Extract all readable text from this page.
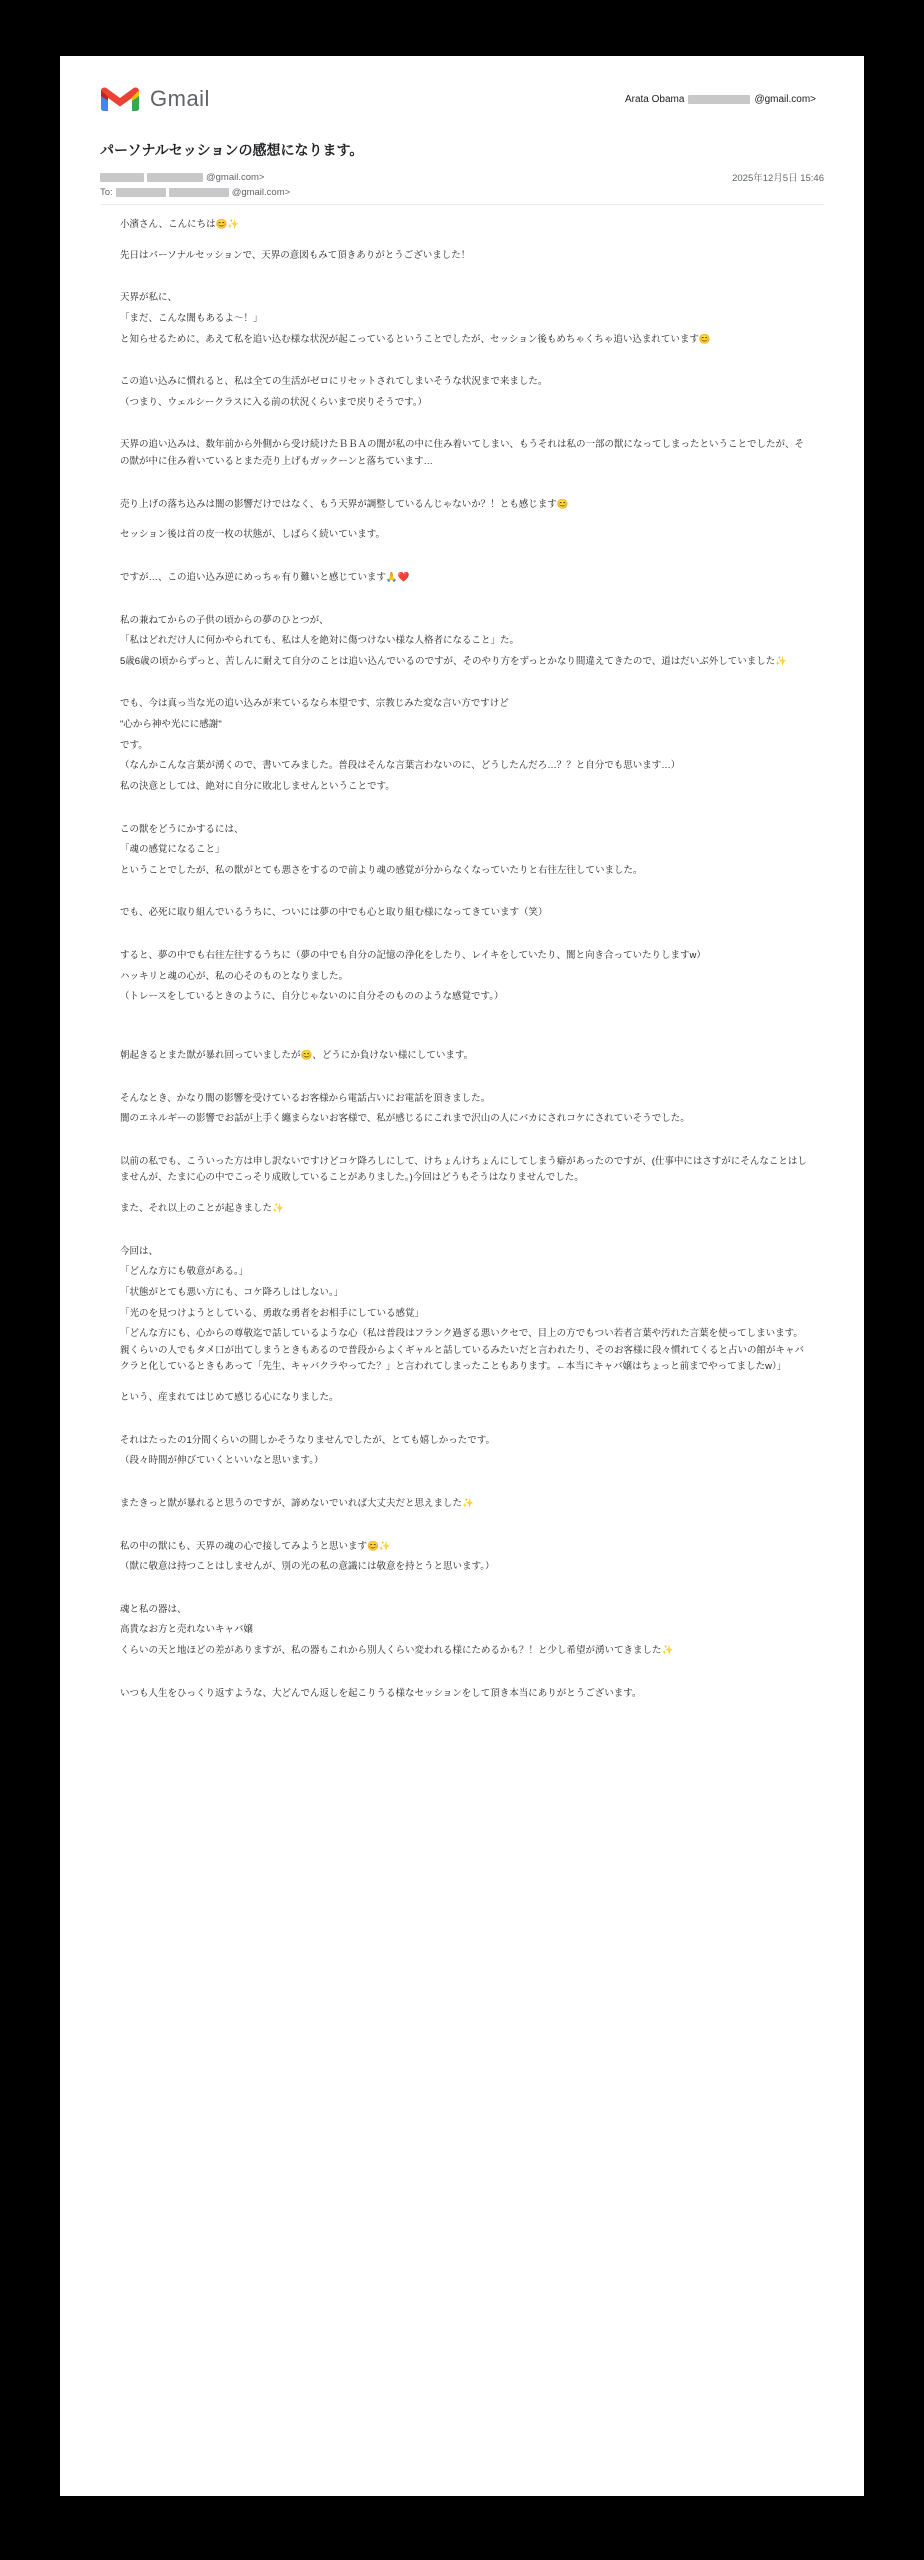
Gmail	Arata Obama	@gmail.com>
パーソナルセッションの感想になります。
@gmail.com>	2025年12月5日 15:46
To:	@gmail.com>

小濱さん、こんにちは😊✨

先日はパーソナルセッションで、天界の意図もみて頂きありがとうございました！

天界が私に、

「まだ、こんな闇もあるよ〜！」

と知らせるために、あえて私を追い込む様な状況が起こっているということでしたが、セッション後もめちゃくちゃ追い込まれています😊

この追い込みに慣れると、私は全ての生活がゼロにリセットされてしまいそうな状況まで来ました。

（つまり、ウェルシークラスに入る前の状況くらいまで戻りそうです。）

天界の追い込みは、数年前から外側から受け続けたＢＢＡの闇が私の中に住み着いてしまい、もうそれは私の一部の獣になってしまったということでしたが、その獣が中に住み着いているとまた売り上げもガックーンと落ちています…

売り上げの落ち込みは闇の影響だけではなく、もう天界が調整しているんじゃないか？！とも感じます😊

セッション後は首の皮一枚の状態が、しばらく続いています。

ですが…、この追い込み逆にめっちゃ有り難いと感じています🙏❤️

私の兼ねてからの子供の頃からの夢のひとつが、

「私はどれだけ人に何かやられても、私は人を絶対に傷つけない様な人格者になること」た。

5歳6歳の頃からずっと、苦しんに耐えて自分のことは追い込んでいるのですが、そのやり方をずっとかなり間違えてきたので、道はだいぶ外していました✨

でも、今は真っ当な光の追い込みが来ているなら本望です、宗教じみた変な言い方ですけど

"心から神や光にに感謝"

です。

（なんかこんな言葉が湧くので、書いてみました。普段はそんな言葉言わないのに、どうしたんだろ…？？と自分でも思います…）

私の決意としては、絶対に自分に敗北しませんということです。

この獣をどうにかするには、

「魂の感覚になること」

ということでしたが、私の獣がとても悪さをするので前より魂の感覚が分からなくなっていたりと右往左往していました。

でも、必死に取り組んでいるうちに、ついには夢の中でも心と取り組む様になってきています（笑）

すると、夢の中でも右往左往するうちに（夢の中でも自分の記憶の浄化をしたり、レイキをしていたり、闇と向き合っていたりしますw）

ハッキリと魂の心が、私の心そのものとなりました。

（トレースをしているときのように、自分じゃないのに自分そのもののような感覚です。）

朝起きるとまた獣が暴れ回っていましたが😊、どうにか負けない様にしています。

そんなとき、かなり闇の影響を受けているお客様から電話占いにお電話を頂きました。

闇のエネルギーの影響でお話が上手く纏まらないお客様で、私が感じるにこれまで沢山の人にバカにされコケにされていそうでした。

以前の私でも、こういった方は申し訳ないですけどコケ降ろしにして、けちょんけちょんにしてしまう癖があったのですが、(仕事中にはさすがにそんなことはしませんが、たまに心の中でこっそり成敗していることがありました。)今回はどうもそうはなりませんでした。

また、それ以上のことが起きました✨

今回は、

「どんな方にも敬意がある。」

「状態がとても悪い方にも、コケ降ろしはしない。」

「光のを見つけようとしている、勇敢な勇者をお相手にしている感覚」

「どんな方にも、心からの尊敬迄で話しているような心（私は普段はフランク過ぎる悪いクセで、目上の方でもつい若者言葉や汚れた言葉を使ってしまいます。親くらいの人でもタメ口が出てしまうときもあるので普段からよくギャルと話しているみたいだと言われたり、そのお客様に段々慣れてくると占いの館がキャバクラと化しているときもあって「先生、キャバクラやってた？」と言われてしまったこともあります。←本当にキャバ嬢はちょっと前までやってましたw）」

という、産まれてはじめて感じる心になりました。

それはたったの1分間くらいの間しかそうなりませんでしたが、とても嬉しかったです。

（段々時間が伸びていくといいなと思います。）

またきっと獣が暴れると思うのですが、諦めないでいれば大丈夫だと思えました✨

私の中の獣にも、天界の魂の心で接してみようと思います😊✨

（獣に敬意は持つことはしませんが、別の光の私の意識には敬意を持とうと思います。）

魂と私の器は、

高貴なお方と売れないキャバ嬢

くらいの天と地ほどの差がありますが、私の器もこれから別人くらい変われる様にためるかも？！と少し希望が湧いてきました✨

いつも人生をひっくり返すような、大どんでん返しを起こりうる様なセッションをして頂き本当にありがとうございます。
